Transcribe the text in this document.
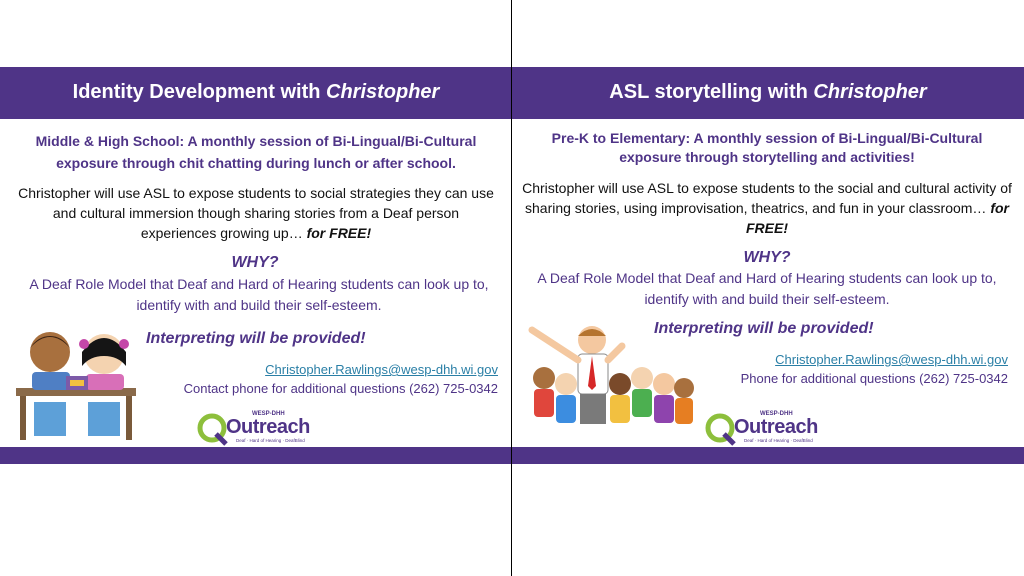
Identity Development with Christopher
Middle & High School: A monthly session of Bi-Lingual/Bi-Cultural exposure through chit chatting during lunch or after school.
Christopher will use ASL to expose students to social strategies they can use and cultural immersion though sharing stories from a Deaf person experiences growing up… for FREE!
WHY?
A Deaf Role Model that Deaf and Hard of Hearing students can look up to, identify with and build their self-esteem.
Interpreting will be provided!
Christopher.Rawlings@wesp-dhh.wi.gov
Contact phone for additional questions (262) 725-0342
WESP-DHH
Outreach
Deaf · Hard of Hearing · DeafBlind
ASL storytelling with Christopher
Pre-K to Elementary: A monthly session of Bi-Lingual/Bi-Cultural exposure through storytelling and activities!
Christopher will use ASL to expose students to the social and cultural activity of sharing stories, using improvisation, theatrics, and fun in your classroom… for FREE!
WHY?
A Deaf Role Model that Deaf and Hard of Hearing students can look up to, identify with and build their self-esteem.
Interpreting will be provided!
Christopher.Rawlings@wesp-dhh.wi.gov
Phone for additional questions (262) 725-0342
WESP-DHH
Outreach
Deaf · Hard of Hearing · DeafBlind
